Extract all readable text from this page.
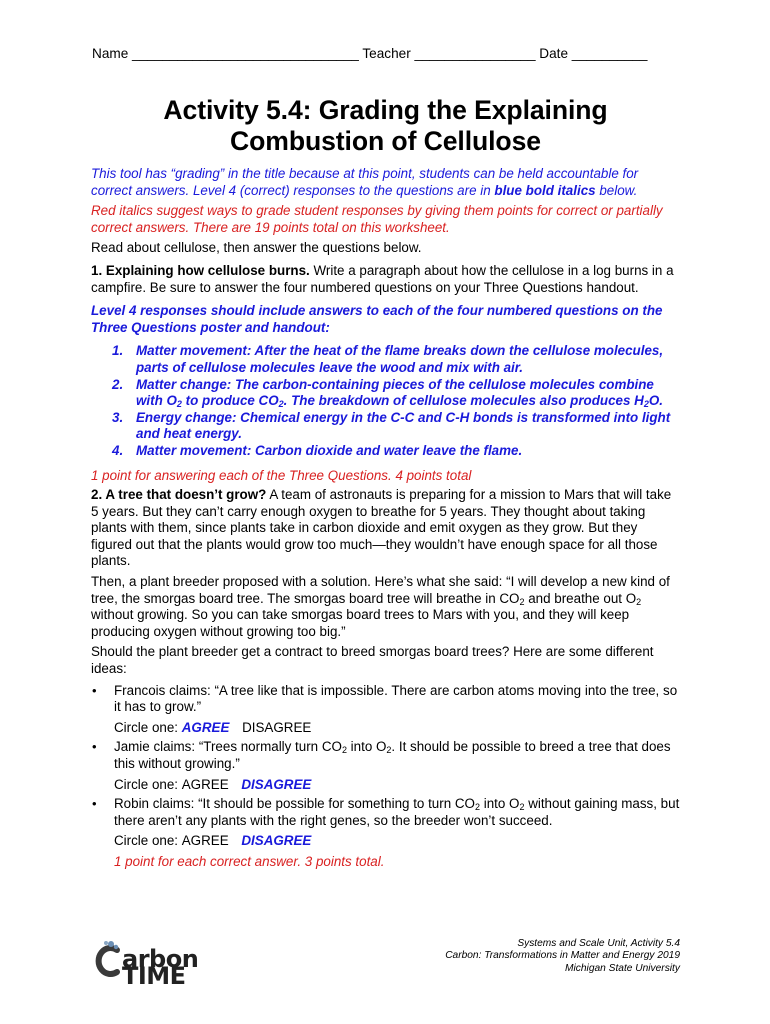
Name ______________________________ Teacher ________________ Date __________
Activity 5.4: Grading the Explaining
Combustion of Cellulose

This tool has “grading” in the title because at this point, students can be held accountable for correct answers. Level 4 (correct) responses to the questions are in blue bold italics below.

Red italics suggest ways to grade student responses by giving them points for correct or partially correct answers. There are 19 points total on this worksheet.

Read about cellulose, then answer the questions below.

1. Explaining how cellulose burns. Write a paragraph about how the cellulose in a log burns in a campfire. Be sure to answer the four numbered questions on your Three Questions handout.

Level 4 responses should include answers to each of the four numbered questions on the Three Questions poster and handout:

1. Matter movement: After the heat of the flame breaks down the cellulose molecules, parts of cellulose molecules leave the wood and mix with air.
2. Matter change: The carbon-containing pieces of the cellulose molecules combine with $O_2$ to produce $CO_2$. The breakdown of cellulose molecules also produces $H_2O$.
3. Energy change: Chemical energy in the C-C and C-H bonds is transformed into light and heat energy.
4. Matter movement: Carbon dioxide and water leave the flame.

1 point for answering each of the Three Questions. 4 points total

2. A tree that doesn’t grow? A team of astronauts is preparing for a mission to Mars that will take 5 years. But they can’t carry enough oxygen to breathe for 5 years. They thought about taking plants with them, since plants take in carbon dioxide and emit oxygen as they grow. But they figured out that the plants would grow too much—they wouldn’t have enough space for all those plants.

Then, a plant breeder proposed with a solution. Here’s what she said: “I will develop a new kind of tree, the smorgas board tree. The smorgas board tree will breathe in $CO_2$ and breathe out $O_2$ without growing. So you can take smorgas board trees to Mars with you, and they will keep producing oxygen without growing too big.”

Should the plant breeder get a contract to breed smorgas board trees? Here are some different ideas:

• Francois claims: “A tree like that is impossible. There are carbon atoms moving into the tree, so it has to grow.”
Circle one: AGREE DISAGREE
• Jamie claims: “Trees normally turn $CO_2$ into $O_2$. It should be possible to breed a tree that does this without growing.”
Circle one: AGREE DISAGREE
• Robin claims: “It should be possible for something to turn $CO_2$ into $O_2$ without gaining mass, but there aren’t any plants with the right genes, so the breeder won’t succeed.
Circle one: AGREE DISAGREE
1 point for each correct answer. 3 points total.
arbon TIME
Systems and Scale Unit, Activity 5.4
Carbon: Transformations in Matter and Energy 2019
Michigan State University
